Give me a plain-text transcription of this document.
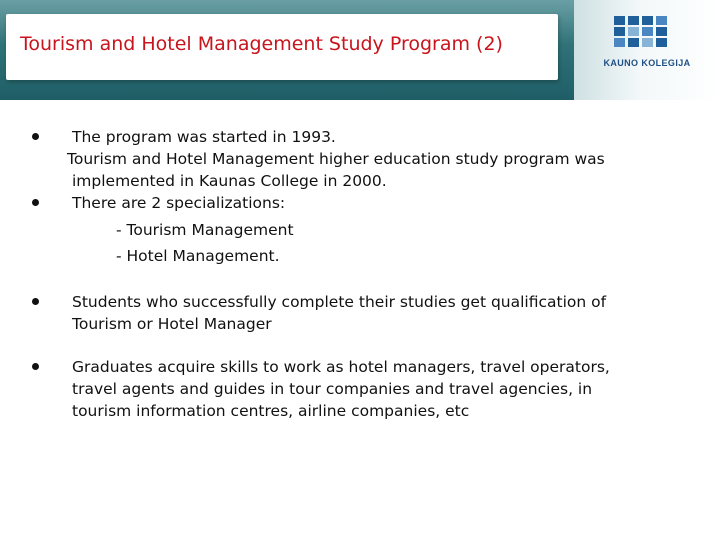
Tourism and Hotel Management Study Program (2)
KAUNO KOLEGIJA
The program was started in 1993.
Tourism and Hotel Management higher education study program was
implemented in Kaunas College in 2000.
There are 2 specializations:
- Tourism Management
- Hotel Management.
Students who successfully complete their studies get qualification of
Tourism or Hotel Manager
Graduates acquire skills to work as hotel managers, travel operators,
travel agents and guides in tour companies and travel agencies, in
tourism information centres, airline companies, etc
